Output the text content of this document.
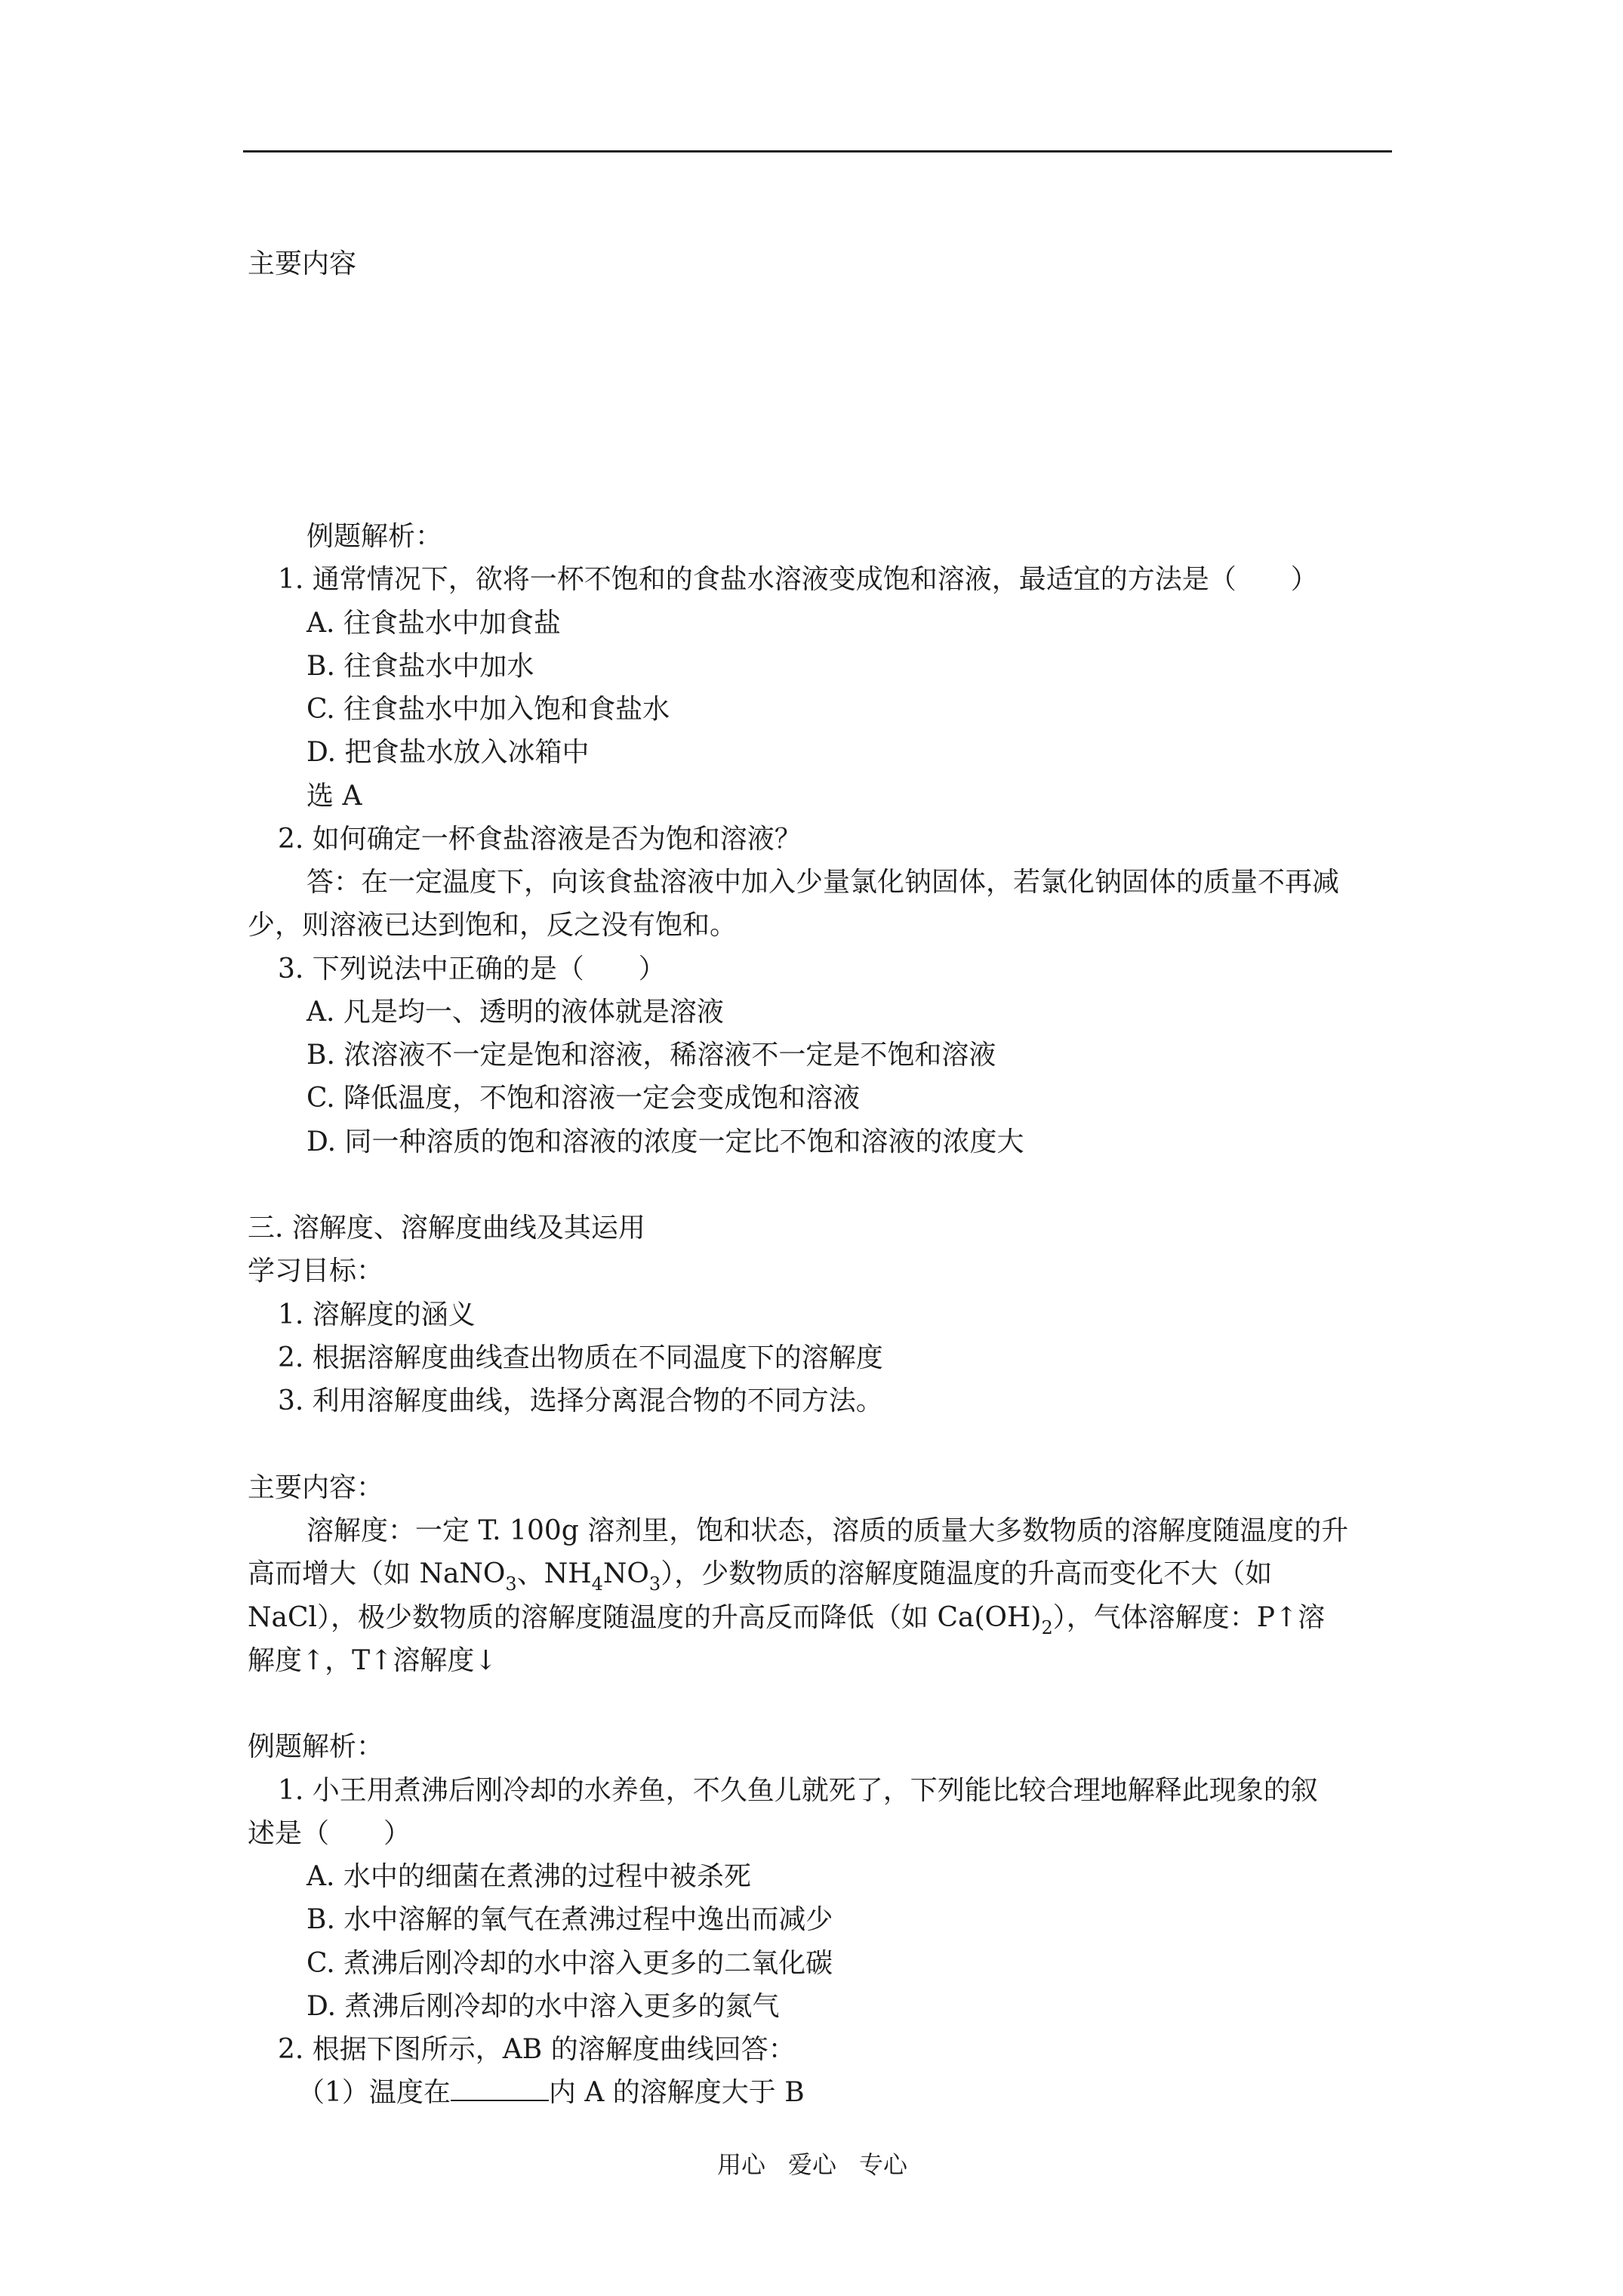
主要内容
例题解析：
1. 通常情况下，欲将一杯不饱和的食盐水溶液变成饱和溶液，最适宜的方法是（　　）
A. 往食盐水中加食盐
B. 往食盐水中加水
C. 往食盐水中加入饱和食盐水
D. 把食盐水放入冰箱中
选 A
2. 如何确定一杯食盐溶液是否为饱和溶液？
答：在一定温度下，向该食盐溶液中加入少量氯化钠固体，若氯化钠固体的质量不再减
少，则溶液已达到饱和，反之没有饱和。
3. 下列说法中正确的是（　　）
A. 凡是均一、透明的液体就是溶液
B. 浓溶液不一定是饱和溶液，稀溶液不一定是不饱和溶液
C. 降低温度，不饱和溶液一定会变成饱和溶液
D. 同一种溶质的饱和溶液的浓度一定比不饱和溶液的浓度大
三. 溶解度、溶解度曲线及其运用
学习目标：
1. 溶解度的涵义
2. 根据溶解度曲线查出物质在不同温度下的溶解度
3. 利用溶解度曲线，选择分离混合物的不同方法。
主要内容：
溶解度：一定 T. 100g 溶剂里，饱和状态，溶质的质量大多数物质的溶解度随温度的升
高而增大（如 NaNO$_3$、$NH_4NO_3$），少数物质的溶解度随温度的升高而变化不大（如
NaCl），极少数物质的溶解度随温度的升高反而降低（如 $Ca(OH)_2$），气体溶解度：P↑溶
解度↑，T↑溶解度↓
例题解析：
1. 小王用煮沸后刚冷却的水养鱼，不久鱼儿就死了，下列能比较合理地解释此现象的叙
述是（　　）
A. 水中的细菌在煮沸的过程中被杀死
B. 水中溶解的氧气在煮沸过程中逸出而减少
C. 煮沸后刚冷却的水中溶入更多的二氧化碳
D. 煮沸后刚冷却的水中溶入更多的氮气
2. 根据下图所示，AB 的溶解度曲线回答：
（1）温度在	内 A 的溶解度大于 B
用心 爱心 专心
